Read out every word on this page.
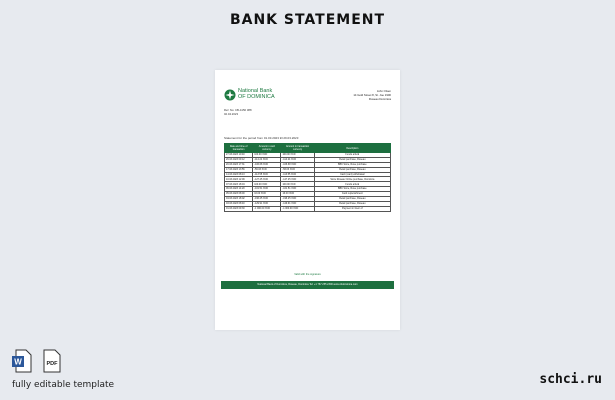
BANK STATEMENT
National Bank
OF DOMINICA
John Olsen
14 Gold Street 8, St. Joe 1900
Roseau Dominica
Ref. No: CB-4150 388
02.04.2023
Statement for the period from 01.03.2023 till 29.03.2023
Date and time of transaction	Amount in card currency	Amount in transaction currency	Description
27.03.2023 10:40	100.00 XCD	100.00 XCD	Funds arrival
26.03.2023 09:12	-114.24 XCD	-114.24 XCD	Retail purchase, Roseau
20.03.2023 17:31	-106.68 XCD	-106.68 XCD	BBK Store, Rose purchase
17.03.2023 13:56	-56.03 XCD	-56.03 XCD	Retail purchase, Roseau
14.03.2023 08:13	-113.55 XCD	-113.55 XCD	Cash (card) withdrawal
10.03.2023 12:09	-127.25 XCD	-127.25 XCD	Store Roseau Online purchase, Dominica
07.03.2023 18:04	100.00 XCD	100.00 XCD	Funds arrival
06.03.2023 14:20	-101.51 XCD	-101.51 XCD	BBK Store, Rose purchase
05.03.2023 08:00	16.00 XCD	16.00 XCD	Card replenishment
04.03.2023 18:02	-196.25 XCD	-196.25 XCD	Retail purchase, Roseau
03.03.2023 08:40	-129.91 XCD	-129.91 XCD	Retail purchase, Roseau
01.03.2023 09:30	-1 000.00 XCD	-1 000.00 XCD	Payment in favor of
Valid with the signature
National Bank of Dominica, Roseau, Dominica Tel: +1 767 255 2300 www.nbdominica.com
W	PDF
fully editable template	schci.ru
